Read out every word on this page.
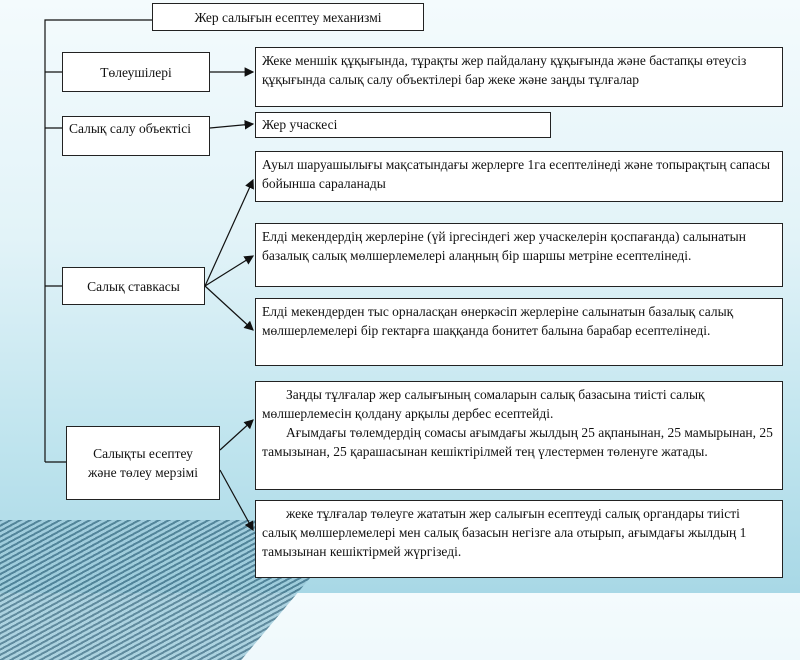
Жер салығын есептеу механизмі
Төлеушілері
Салық салу объектісі
Салық ставкасы
Салықты есептеу және төлеу мерзімі

Жеке меншік құқығында, тұрақты жер пайдалану құқығында және бастапқы өтеусіз құқығында салық салу объектілері бар жеке және заңды тұлғалар

Жер учаскесі

Ауыл шаруашылығы мақсатындағы жерлерге 1га есептелінеді және топырақтың сапасы бойынша сараланады

Елді мекендердің жерлеріне (үй іргесіндегі жер учаскелерін қоспағанда) салынатын базалық салық мөлшерлемелері алаңның бір шаршы метріне есептелінеді.

Елді мекендерден тыс орналасқан өнеркәсіп жерлеріне салынатын базалық салық мөлшерлемелері бір гектарға шаққанда бонитет балына барабар есептелінеді.

Заңды тұлғалар жер салығының сомаларын салық базасына тиісті салық мөлшерлемесін қолдану арқылы дербес есептейді.

Ағымдағы төлемдердің сомасы ағымдағы жылдың 25 ақпанынан, 25 мамырынан, 25 тамызынан, 25 қарашасынан кешіктірілмей тең үлестермен төленуге жатады.

жеке тұлғалар төлеуге жататын жер салығын есептеуді салық органдары тиісті салық мөлшерлемелері мен салық базасын негізге ала отырып, ағымдағы жылдың 1 тамызынан кешіктірмей жүргізеді.
